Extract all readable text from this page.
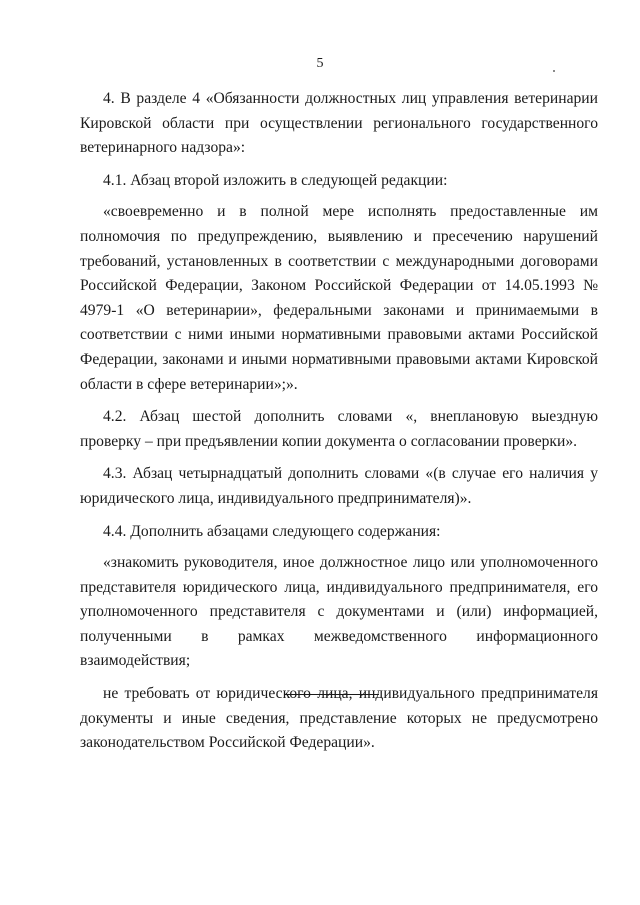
5

4. В разделе 4 «Обязанности должностных лиц управления ветеринарии Кировской области при осуществлении регионального государственного ветеринарного надзора»:

4.1. Абзац второй изложить в следующей редакции:

«своевременно и в полной мере исполнять предоставленные им полномочия по предупреждению, выявлению и пресечению нарушений требований, установленных в соответствии с международными договорами Российской Федерации, Законом Российской Федерации от 14.05.1993 № 4979-1 «О ветеринарии», федеральными законами и принимаемыми в соответствии с ними иными нормативными правовыми актами Российской Федерации, законами и иными нормативными правовыми актами Кировской области в сфере ветеринарии»;».

4.2. Абзац шестой дополнить словами «, внеплановую выездную проверку – при предъявлении копии документа о согласовании проверки».

4.3. Абзац четырнадцатый дополнить словами «(в случае его наличия у юридического лица, индивидуального предпринимателя)».

4.4. Дополнить абзацами следующего содержания:

«знакомить руководителя, иное должностное лицо или уполномоченного представителя юридического лица, индивидуального предпринимателя, его уполномоченного представителя с документами и (или) информацией, полученными в рамках межведомственного информационного взаимодействия;

не требовать от юридического лица, индивидуального предпринимателя документы и иные сведения, представление которых не предусмотрено законодательством Российской Федерации».
